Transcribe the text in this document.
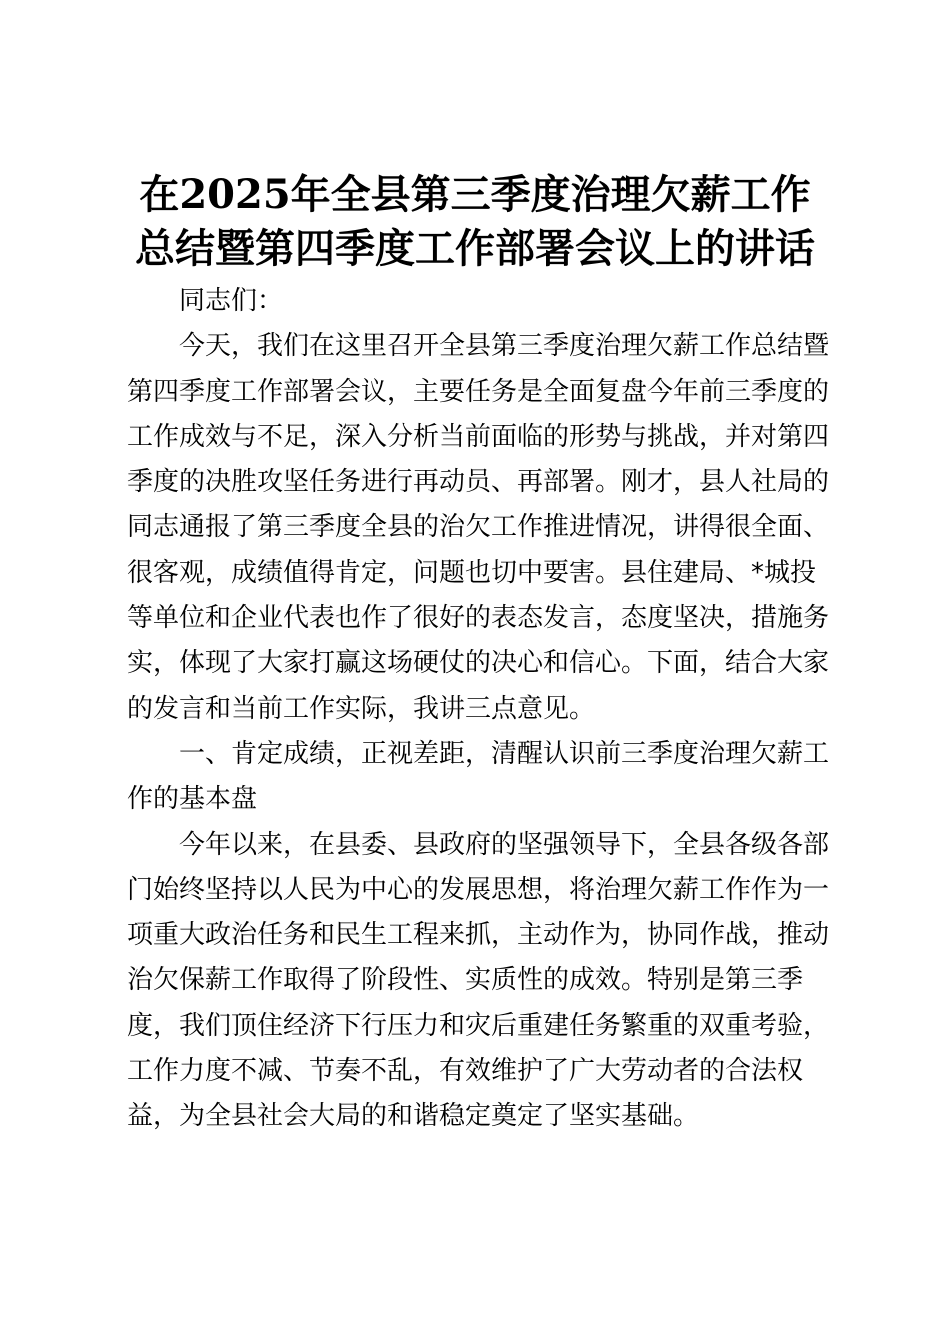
在2025年全县第三季度治理欠薪工作
总结暨第四季度工作部署会议上的讲话

同志们：

今天，我们在这里召开全县第三季度治理欠薪工作总结暨第四季度工作部署会议，主要任务是全面复盘今年前三季度的工作成效与不足，深入分析当前面临的形势与挑战，并对第四季度的决胜攻坚任务进行再动员、再部署。刚才，县人社局的同志通报了第三季度全县的治欠工作推进情况，讲得很全面、很客观，成绩值得肯定，问题也切中要害。县住建局、*城投等单位和企业代表也作了很好的表态发言，态度坚决，措施务实，体现了大家打赢这场硬仗的决心和信心。下面，结合大家的发言和当前工作实际，我讲三点意见。

一、肯定成绩，正视差距，清醒认识前三季度治理欠薪工作的基本盘

今年以来，在县委、县政府的坚强领导下，全县各级各部门始终坚持以人民为中心的发展思想，将治理欠薪工作作为一项重大政治任务和民生工程来抓，主动作为，协同作战，推动治欠保薪工作取得了阶段性、实质性的成效。特别是第三季度，我们顶住经济下行压力和灾后重建任务繁重的双重考验，工作力度不减、节奏不乱，有效维护了广大劳动者的合法权益，为全县社会大局的和谐稳定奠定了坚实基础。
